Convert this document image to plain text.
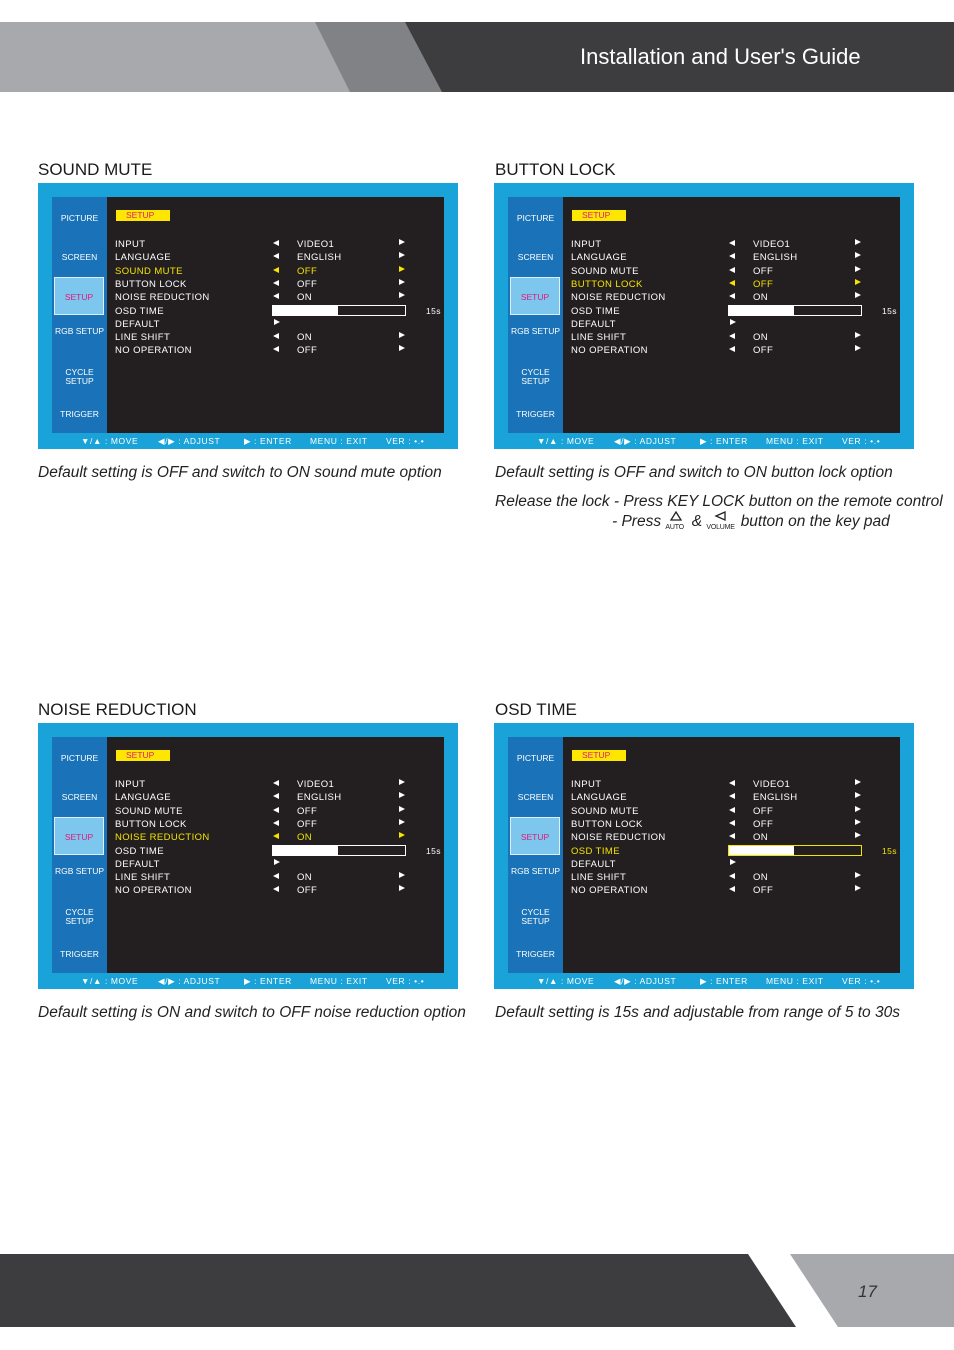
Installation and User's Guide
17
SOUND MUTE	BUTTON LOCK
NOISE REDUCTION	OSD TIME
PICTURE
SCREEN
SETUP
RGB SETUP
CYCLE SETUP
TRIGGER
SETUP
INPUT	VIDEO1
LANGUAGE	ENGLISH
SOUND MUTE	OFF
BUTTON LOCK	OFF
NOISE REDUCTION	ON
OSD TIME	15s
DEFAULT
LINE SHIFT	ON
NO OPERATION	OFF
▼/▲ : MOVE ◀/▶ : ADJUST	▶ : ENTER MENU : EXIT VER : •.•
PICTURE
SCREEN
SETUP
RGB SETUP
CYCLE SETUP
TRIGGER
SETUP
INPUT	VIDEO1
LANGUAGE	ENGLISH
SOUND MUTE	OFF
BUTTON LOCK	OFF
NOISE REDUCTION	ON
OSD TIME	15s
DEFAULT
LINE SHIFT	ON
NO OPERATION	OFF
▼/▲ : MOVE ◀/▶ : ADJUST	▶ : ENTER MENU : EXIT VER : •.•
PICTURE
SCREEN
SETUP
RGB SETUP
CYCLE SETUP
TRIGGER
SETUP
INPUT	VIDEO1
LANGUAGE	ENGLISH
SOUND MUTE	OFF
BUTTON LOCK	OFF
NOISE REDUCTION	ON
OSD TIME	15s
DEFAULT
LINE SHIFT	ON
NO OPERATION	OFF
▼/▲ : MOVE ◀/▶ : ADJUST	▶ : ENTER MENU : EXIT VER : •.•
PICTURE
SCREEN
SETUP
RGB SETUP
CYCLE SETUP
TRIGGER
SETUP
INPUT	VIDEO1
LANGUAGE	ENGLISH
SOUND MUTE	OFF
BUTTON LOCK	OFF
NOISE REDUCTION	ON
OSD TIME	15s
DEFAULT
LINE SHIFT	ON
NO OPERATION	OFF
▼/▲ : MOVE ◀/▶ : ADJUST	▶ : ENTER MENU : EXIT VER : •.•
Default setting is OFF and switch to ON sound mute option	Default setting is OFF and switch to ON button lock option
Release the lock - Press KEY LOCK button on the remote control
- Press AUTO & VOLUME button on the key pad
Default setting is ON and switch to OFF noise reduction option Default setting is 15s and adjustable from range of 5 to 30s
